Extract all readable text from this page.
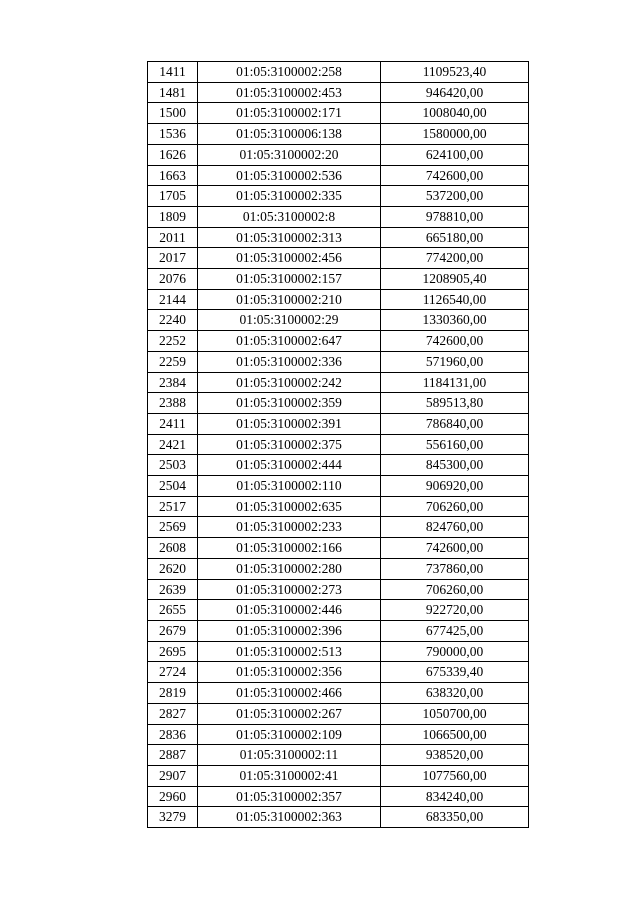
1411	01:05:3100002:258	1109523,40
1481	01:05:3100002:453	946420,00
1500	01:05:3100002:171	1008040,00
1536	01:05:3100006:138	1580000,00
1626	01:05:3100002:20	624100,00
1663	01:05:3100002:536	742600,00
1705	01:05:3100002:335	537200,00
1809	01:05:3100002:8	978810,00
2011	01:05:3100002:313	665180,00
2017	01:05:3100002:456	774200,00
2076	01:05:3100002:157	1208905,40
2144	01:05:3100002:210	1126540,00
2240	01:05:3100002:29	1330360,00
2252	01:05:3100002:647	742600,00
2259	01:05:3100002:336	571960,00
2384	01:05:3100002:242	1184131,00
2388	01:05:3100002:359	589513,80
2411	01:05:3100002:391	786840,00
2421	01:05:3100002:375	556160,00
2503	01:05:3100002:444	845300,00
2504	01:05:3100002:110	906920,00
2517	01:05:3100002:635	706260,00
2569	01:05:3100002:233	824760,00
2608	01:05:3100002:166	742600,00
2620	01:05:3100002:280	737860,00
2639	01:05:3100002:273	706260,00
2655	01:05:3100002:446	922720,00
2679	01:05:3100002:396	677425,00
2695	01:05:3100002:513	790000,00
2724	01:05:3100002:356	675339,40
2819	01:05:3100002:466	638320,00
2827	01:05:3100002:267	1050700,00
2836	01:05:3100002:109	1066500,00
2887	01:05:3100002:11	938520,00
2907	01:05:3100002:41	1077560,00
2960	01:05:3100002:357	834240,00
3279	01:05:3100002:363	683350,00
